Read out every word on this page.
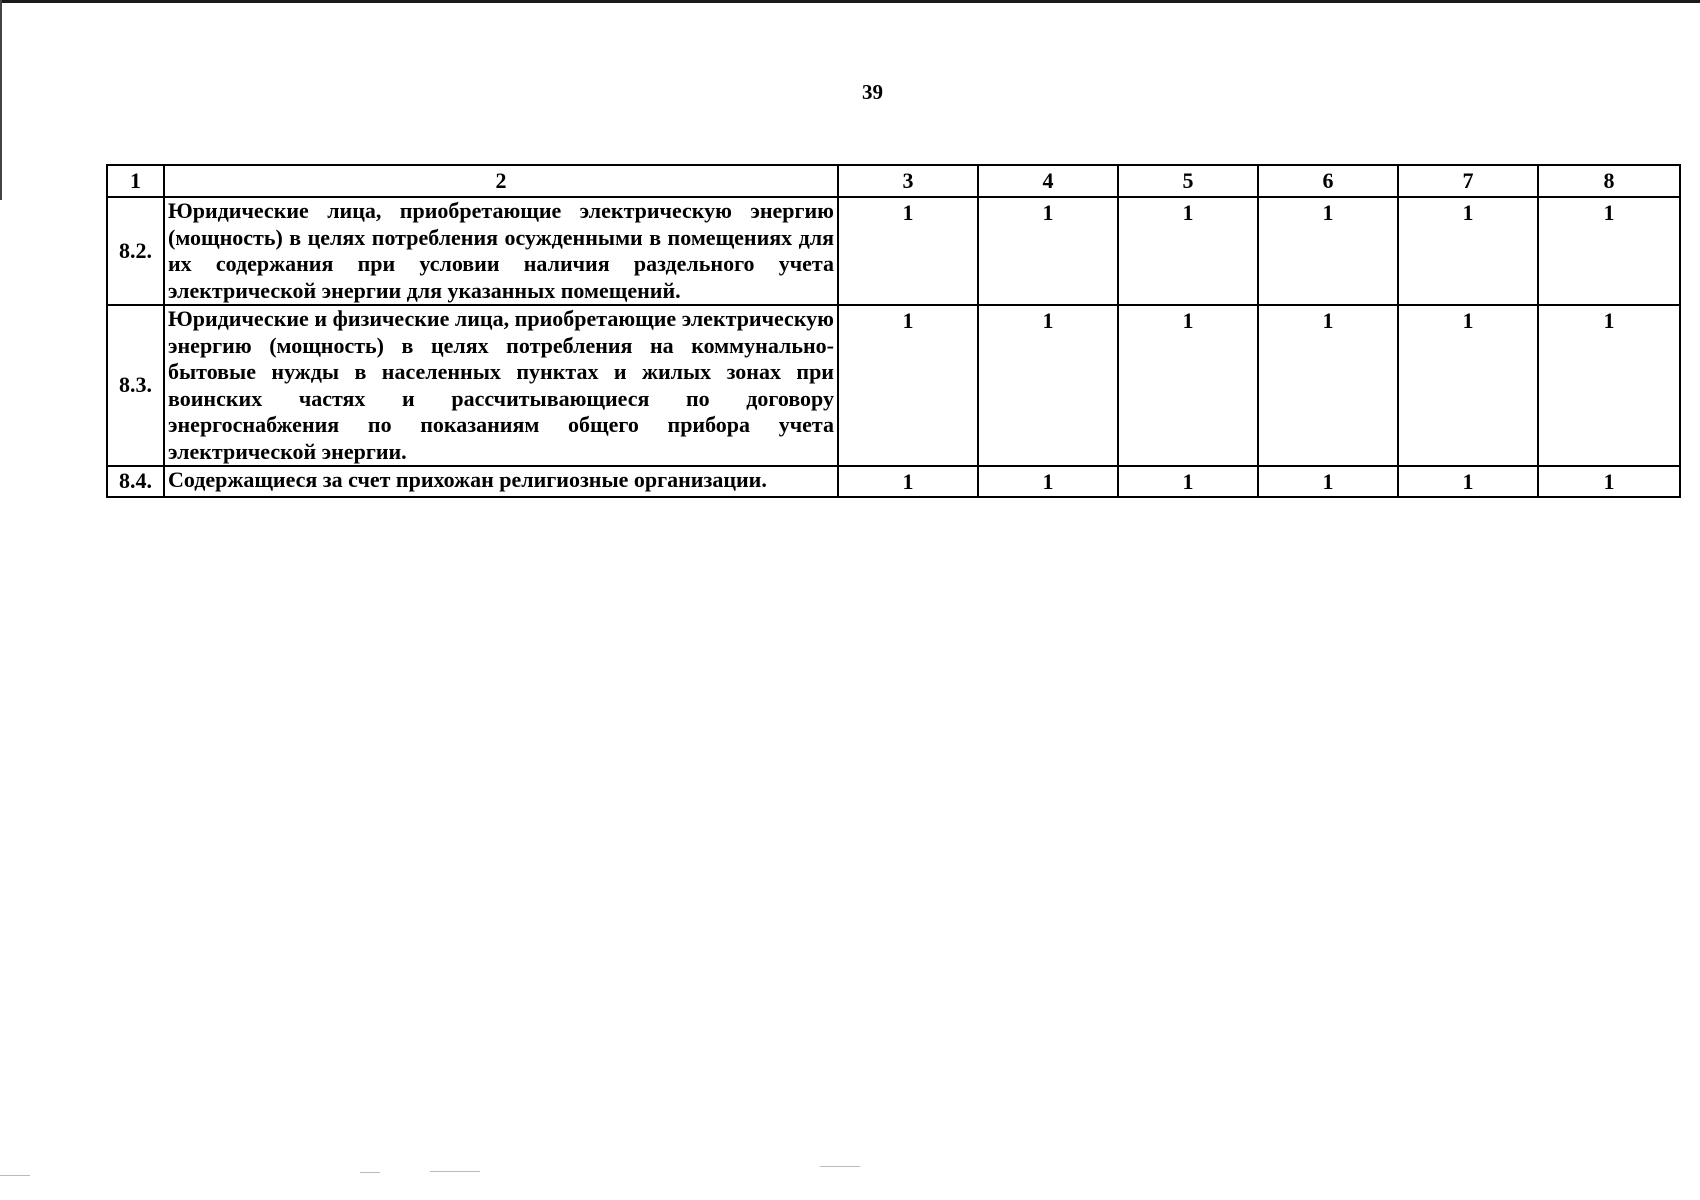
39
1	2	3	4	5	6	7	8
8.2.	Юридические лица, приобретающие электрическую энергию (мощность) в целях потребления осужденными в помещениях для их содержания при условии наличия раздельного учета электрической энергии для указанных помещений.	1	1	1	1	1	1
8.3.	Юридические и физические лица, приобретающие электрическую энергию (мощность) в целях потребления на коммунально-бытовые нужды в населенных пунктах и жилых зонах при воинских частях и рассчитывающиеся по договору энергоснабжения по показаниям общего прибора учета электрической энергии.	1	1	1	1	1	1
8.4.	Содержащиеся за счет прихожан религиозные организации.	1	1	1	1	1	1
